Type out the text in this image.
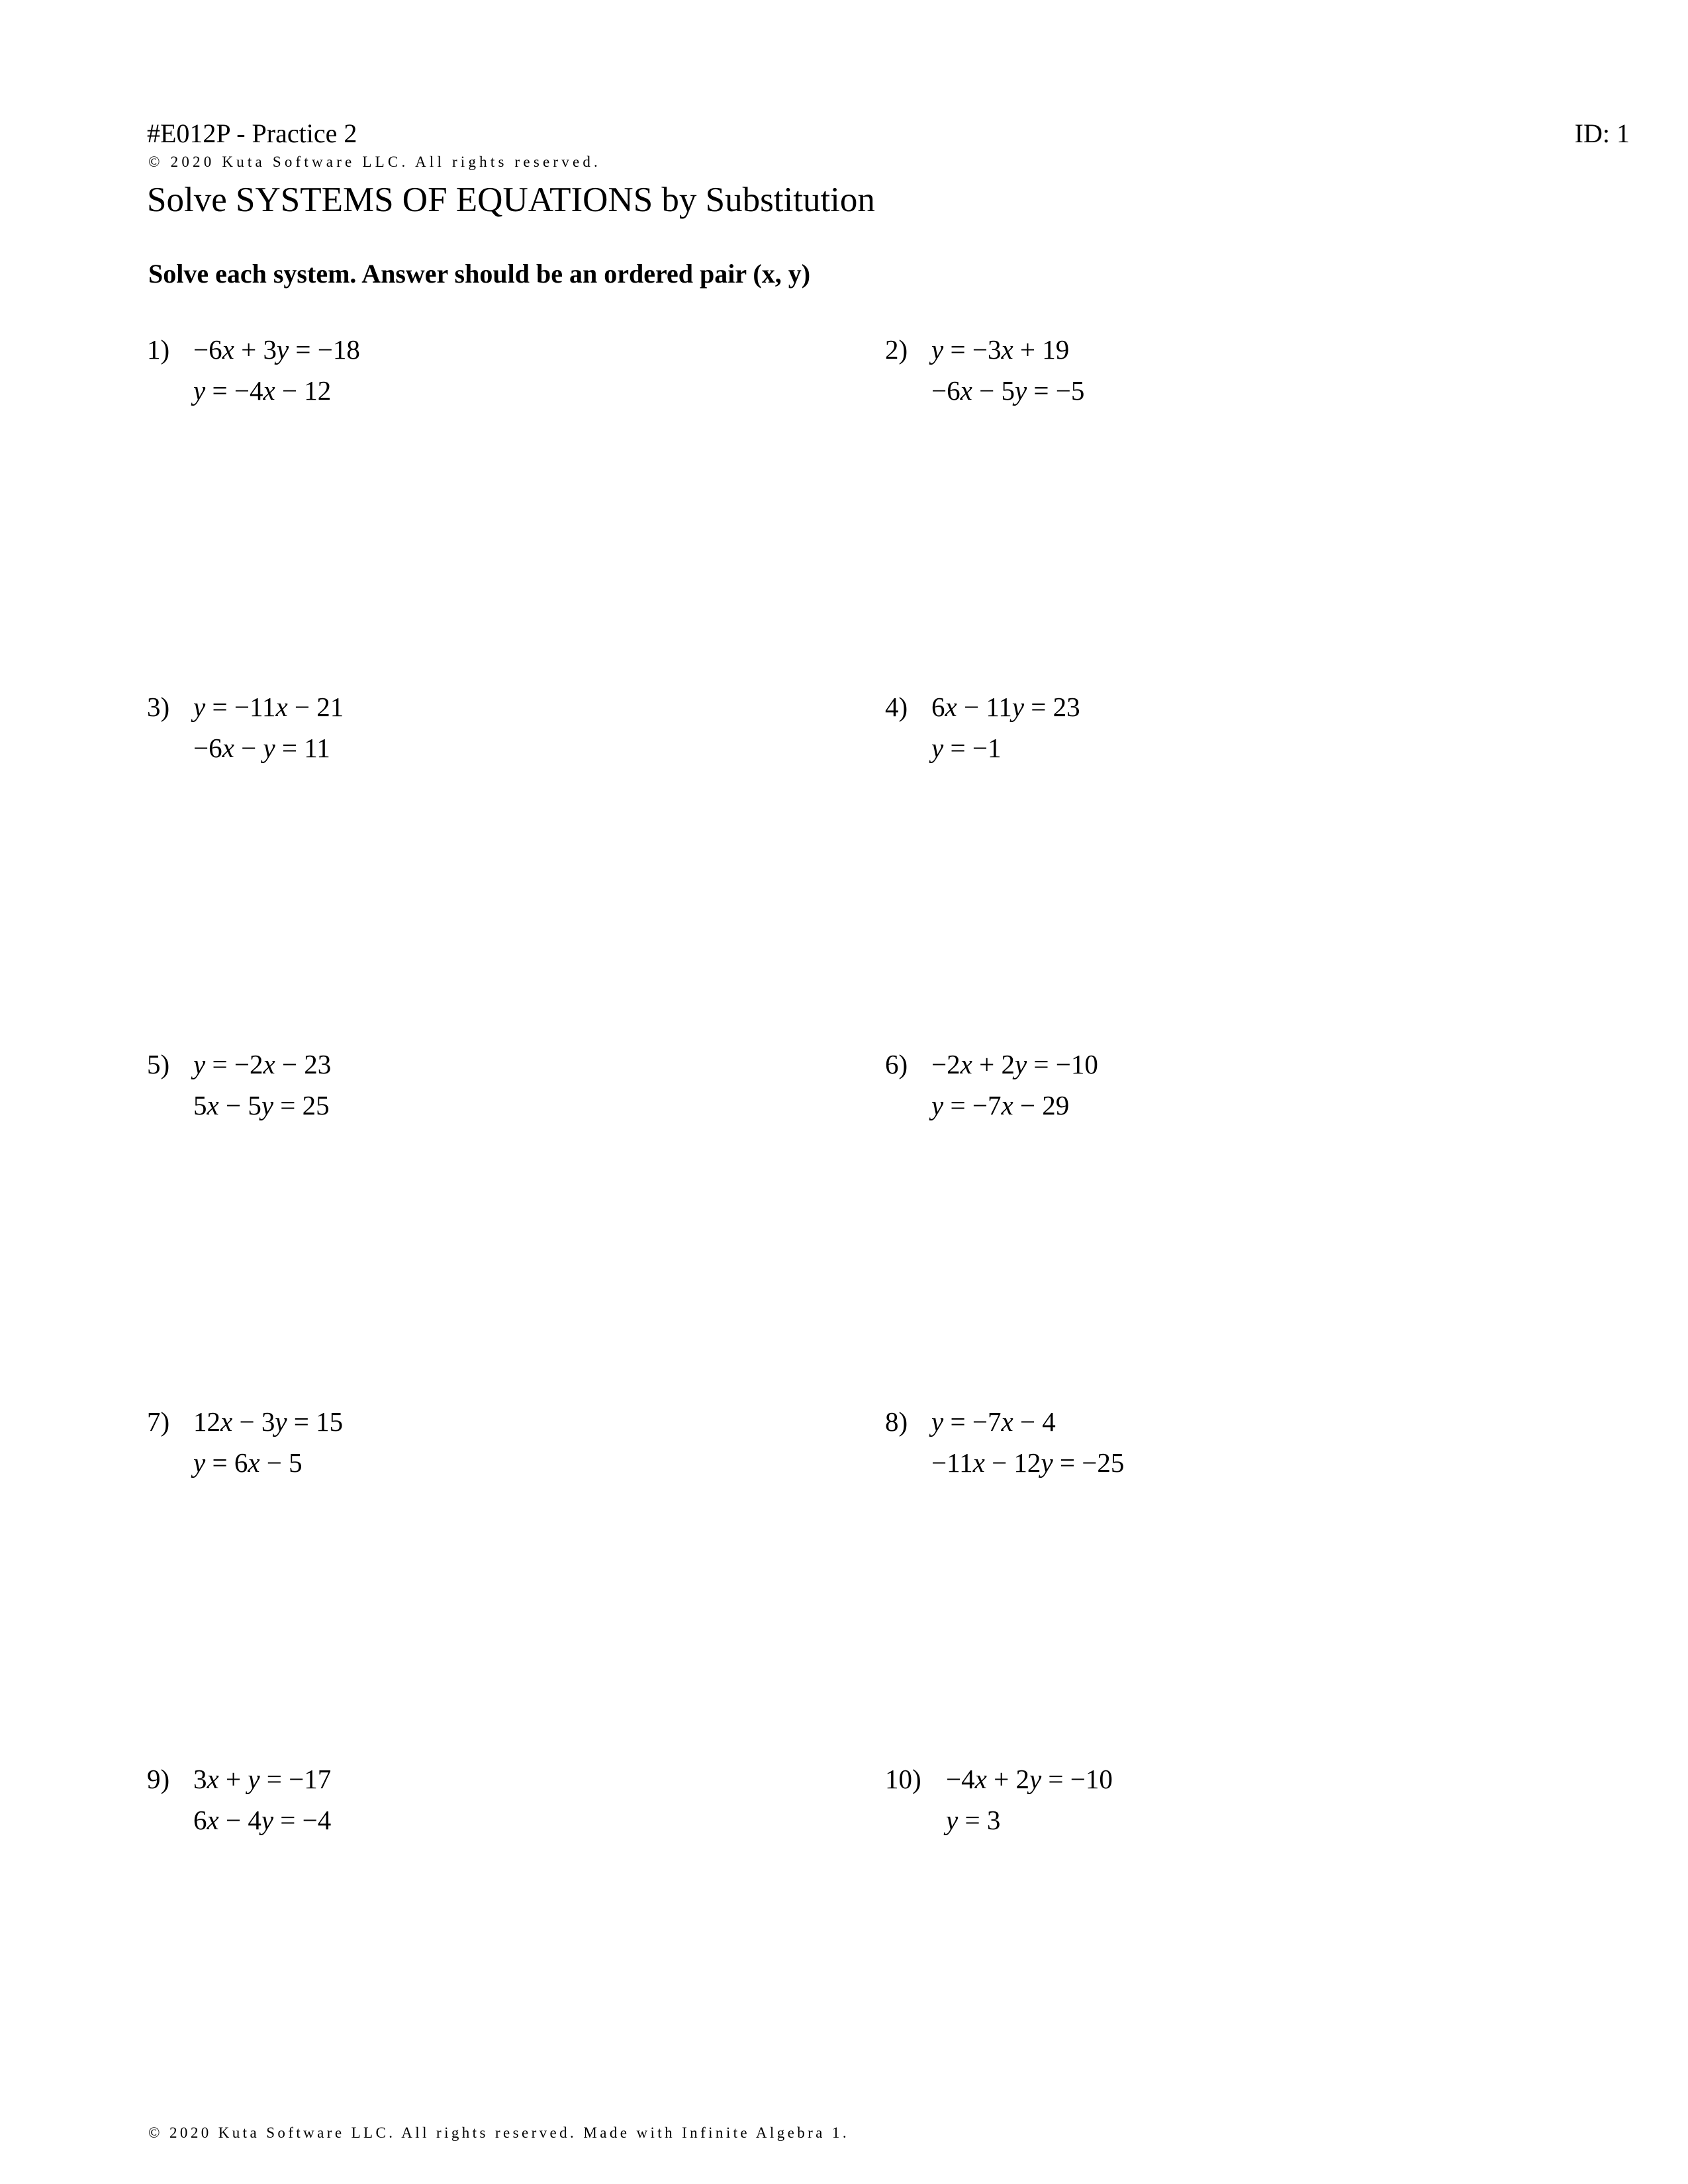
#E012P - Practice 2	ID: 1
© 2020 Kuta Software LLC. All rights reserved.
Solve SYSTEMS OF EQUATIONS by Substitution
Solve each system. Answer should be an ordered pair (x, y)
1) −6x + 3y = −18
y = −4x − 12
2) y = −3x + 19
−6x − 5y = −5
3) y = −11x − 21
−6x − y = 11
4) 6x − 11y = 23
y = −1
5) y = −2x − 23
5x − 5y = 25
6) −2x + 2y = −10
y = −7x − 29
7) 12x − 3y = 15
y = 6x − 5
8) y = −7x − 4
−11x − 12y = −25
9) 3x + y = −17
6x − 4y = −4
10) −4x + 2y = −10
y = 3
© 2020 Kuta Software LLC. All rights reserved. Made with Infinite Algebra 1.
